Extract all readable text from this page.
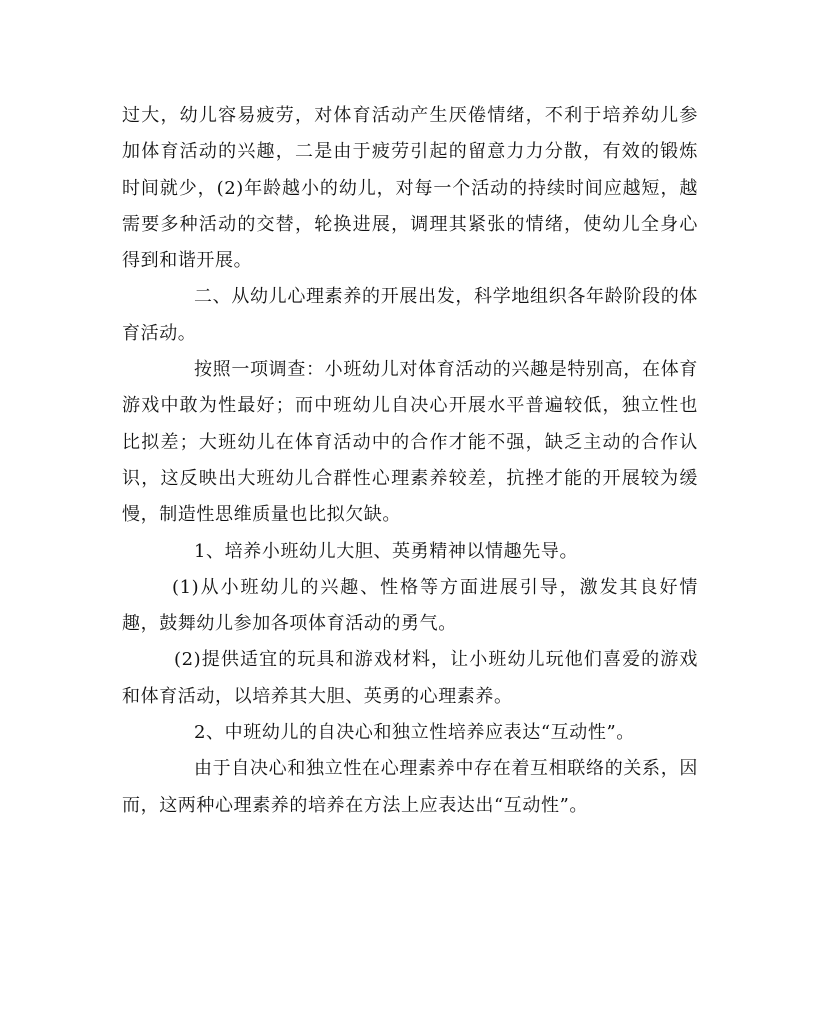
过大，幼儿容易疲劳，对体育活动产生厌倦情绪，不利于培养幼儿参加体育活动的兴趣，二是由于疲劳引起的留意力力分散，有效的锻炼时间就少，(2)年龄越小的幼儿，对每一个活动的持续时间应越短，越需要多种活动的交替，轮换进展，调理其紧张的情绪，使幼儿全身心得到和谐开展。

二、从幼儿心理素养的开展出发，科学地组织各年龄阶段的体育活动。

按照一项调查：小班幼儿对体育活动的兴趣是特别高，在体育游戏中敢为性最好；而中班幼儿自决心开展水平普遍较低，独立性也比拟差；大班幼儿在体育活动中的合作才能不强，缺乏主动的合作认识，这反映出大班幼儿合群性心理素养较差，抗挫才能的开展较为缓慢，制造性思维质量也比拟欠缺。

1、培养小班幼儿大胆、英勇精神以情趣先导。

(1)从小班幼儿的兴趣、性格等方面进展引导，激发其良好情趣，鼓舞幼儿参加各项体育活动的勇气。

(2)提供适宜的玩具和游戏材料，让小班幼儿玩他们喜爱的游戏和体育活动，以培养其大胆、英勇的心理素养。

2、中班幼儿的自决心和独立性培养应表达“互动性”。

由于自决心和独立性在心理素养中存在着互相联络的关系，因而，这两种心理素养的培养在方法上应表达出“互动性”。
